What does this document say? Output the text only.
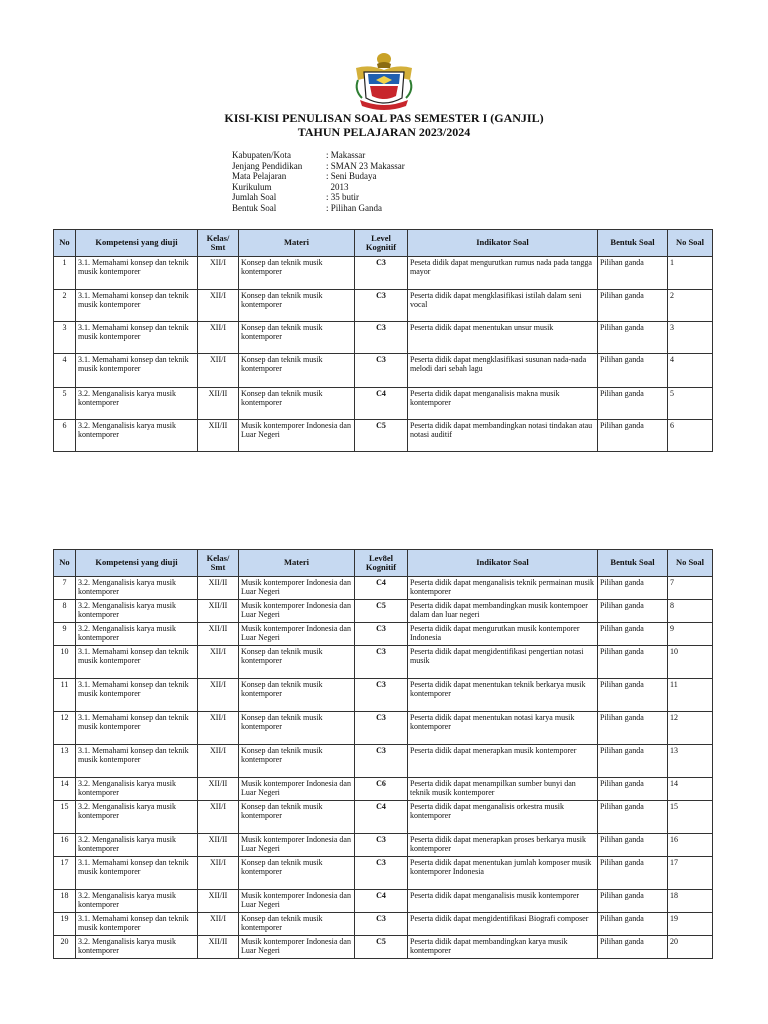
KISI-KISI PENULISAN SOAL PAS SEMESTER I (GANJIL)
TAHUN PELAJARAN 2023/2024
Kabupaten/Kota	: Makassar
Jenjang Pendidikan	: SMAN 23 Makassar
Mata Pelajaran	: Seni Budaya
Kurikulum	2013
Jumlah Soal	: 35 butir
Bentuk Soal	: Pilihan Ganda
No	Kompetensi yang diuji	Kelas/ Smt	Materi	Level Kognitif	Indikator Soal	Bentuk Soal	No Soal
1	3.1. Memahami konsep dan teknik musik kontemporer	XII/I	Konsep dan teknik musik kontemporer	C3	Peseta didik dapat mengurutkan rumus nada pada tangga mayor	Pilihan ganda	1
2	3.1. Memahami konsep dan teknik musik kontemporer	XII/I	Konsep dan teknik musik kontemporer	C3	Peserta didik dapat mengklasifikasi istilah dalam seni vocal	Pilihan ganda	2
3	3.1. Memahami konsep dan teknik musik kontemporer	XII/I	Konsep dan teknik musik kontemporer	C3	Peserta didik dapat menentukan unsur musik	Pilihan ganda	3
4	3.1. Memahami konsep dan teknik musik kontemporer	XII/I	Konsep dan teknik musik kontemporer	C3	Peserta didik dapat mengklasifikasi susunan nada-nada melodi dari sebah lagu	Pilihan ganda	4
5	3.2. Menganalisis karya musik kontemporer	XII/II	Konsep dan teknik musik kontemporer	C4	Peserta didik dapat menganalisis makna musik kontemporer	Pilihan ganda	5
6	3.2. Menganalisis karya musik kontemporer	XII/II	Musik kontemporer Indonesia dan Luar Negeri	C5	Peserta didik dapat membandingkan notasi tindakan atau notasi auditif	Pilihan ganda	6
No	Kompetensi yang diuji	Kelas/ Smt	Materi	Lev8el Kognitif	Indikator Soal	Bentuk Soal	No Soal
7	3.2. Menganalisis karya musik kontemporer	XII/II	Musik kontemporer Indonesia dan Luar Negeri	C4	Peserta didik dapat menganalisis teknik permainan musik kontemporer	Pilihan ganda	7
8	3.2. Menganalisis karya musik kontemporer	XII/II	Musik kontemporer Indonesia dan Luar Negeri	C5	Peserta didik dapat membandingkan musik kontempoer dalam dan luar negeri	Pilihan ganda	8
9	3.2. Menganalisis karya musik kontemporer	XII/II	Musik kontemporer Indonesia dan Luar Negeri	C3	Peserta didik dapat mengurutkan musik kontemporer Indonesia	Pilihan ganda	9
10	3.1. Memahami konsep dan teknik musik kontemporer	XII/I	Konsep dan teknik musik kontemporer	C3	Peserta didik dapat mengidentifikasi pengertian notasi musik	Pilihan ganda	10
11	3.1. Memahami konsep dan teknik musik kontemporer	XII/I	Konsep dan teknik musik kontemporer	C3	Peserta didik dapat menentukan teknik berkarya musik kontemporer	Pilihan ganda	11
12	3.1. Memahami konsep dan teknik musik kontemporer	XII/I	Konsep dan teknik musik kontemporer	C3	Peserta didik dapat menentukan notasi karya musik kontemporer	Pilihan ganda	12
13	3.1. Memahami konsep dan teknik musik kontemporer	XII/I	Konsep dan teknik musik kontemporer	C3	Peserta didik dapat menerapkan musik kontemporer	Pilihan ganda	13
14	3.2. Menganalisis karya musik kontemporer	XII/II	Musik kontemporer Indonesia dan Luar Negeri	C6	Peserta didik dapat menampilkan sumber bunyi dan teknik musik kontemporer	Pilihan ganda	14
15	3.2. Menganalisis karya musik kontemporer	XII/I	Konsep dan teknik musik kontemporer	C4	Peserta didik dapat menganalisis orkestra musik kontemporer	Pilihan ganda	15
16	3.2. Menganalisis karya musik kontemporer	XII/II	Musik kontemporer Indonesia dan Luar Negeri	C3	Peserta didik dapat menerapkan proses berkarya musik kontemporer	Pilihan ganda	16
17	3.1. Memahami konsep dan teknik musik kontemporer	XII/I	Konsep dan teknik musik kontemporer	C3	Peserta didik dapat menentukan jumlah komposer musik kontemporer Indonesia	Pilihan ganda	17
18	3.2. Menganalisis karya musik kontemporer	XII/II	Musik kontemporer Indonesia dan Luar Negeri	C4	Peserta didik dapat menganalisis musik kontemporer	Pilihan ganda	18
19	3.1. Memahami konsep dan teknik musik kontemporer	XII/I	Konsep dan teknik musik kontemporer	C3	Peserta didik dapat mengidentifikasi Biografi composer	Pilihan ganda	19
20	3.2. Menganalisis karya musik kontemporer	XII/II	Musik kontemporer Indonesia dan Luar Negeri	C5	Peserta didik dapat membandingkan karya musik kontemporer	Pilihan ganda	20
